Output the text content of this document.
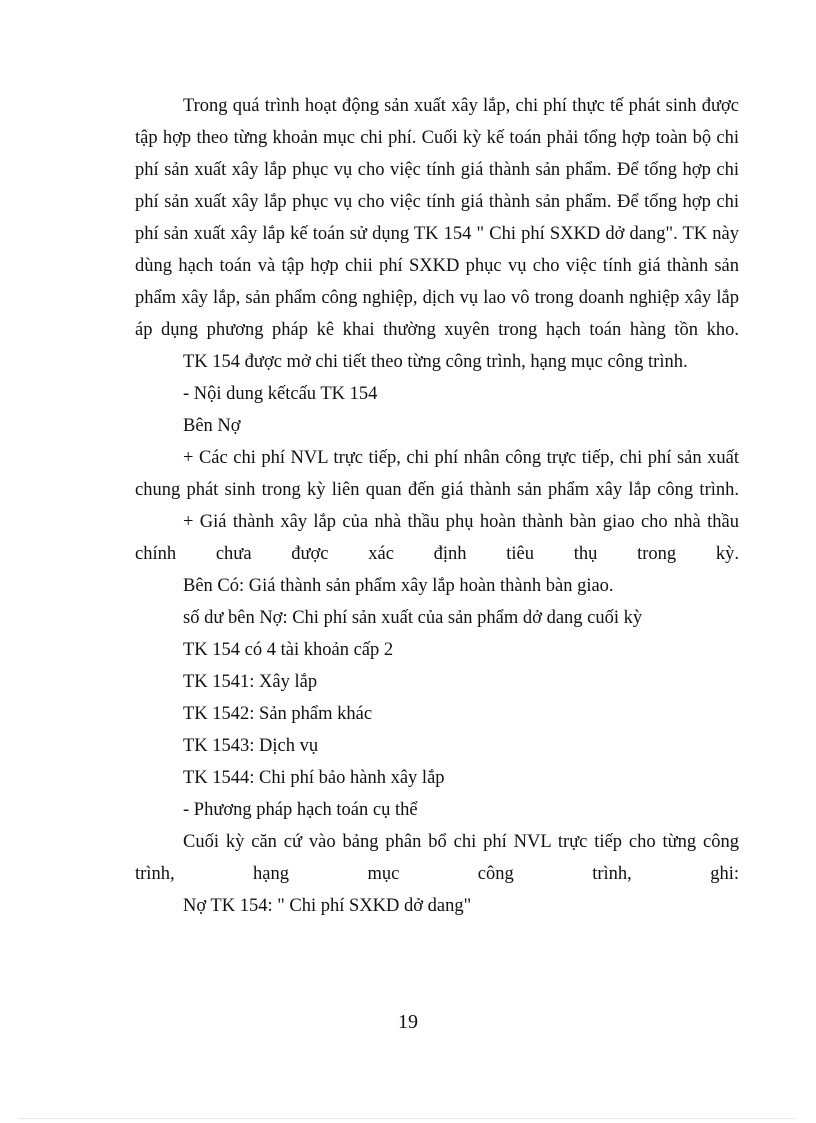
Trong quá trình hoạt động sản xuất xây lắp, chi phí thực tế phát sinh được tập hợp theo từng khoản mục chi phí. Cuối kỳ kế toán phải tổng hợp toàn bộ chi phí sản xuất xây lắp phục vụ cho việc tính giá thành sản phẩm. Để tổng hợp chi phí sản xuất xây lắp phục vụ cho việc tính giá thành sản phẩm. Để tổng hợp chi phí sản xuất xây lắp kế toán sử dụng TK 154 " Chi phí SXKD dở dang". TK này dùng hạch toán và tập hợp chii phí SXKD phục vụ cho việc tính giá thành sản phẩm xây lắp, sản phẩm công nghiệp, dịch vụ lao vô trong doanh nghiệp xây lắp áp dụng phương pháp kê khai thường xuyên trong hạch toán hàng tồn kho.

TK 154 được mở chi tiết theo từng công trình, hạng mục công trình.

- Nội dung kếtcấu TK 154

Bên Nợ

+ Các chi phí NVL trực tiếp, chi phí nhân công trực tiếp, chi phí sản xuất chung phát sinh trong kỳ liên quan đến giá thành sản phẩm xây lắp công trình.

+ Giá thành xây lắp của nhà thầu phụ hoàn thành bàn giao cho nhà thầu chính chưa được xác định tiêu thụ trong kỳ.

Bên Có: Giá thành sản phẩm xây lắp hoàn thành bàn giao.

số dư bên Nợ: Chi phí sản xuất của sản phẩm dở dang cuối kỳ

TK 154 có 4 tài khoản cấp 2

TK 1541: Xây lắp

TK 1542: Sản phẩm khác

TK 1543: Dịch vụ

TK 1544: Chi phí bảo hành xây lắp

- Phương pháp hạch toán cụ thể

Cuối kỳ căn cứ vào bảng phân bổ chi phí NVL trực tiếp cho từng công trình, hạng mục công trình, ghi:

Nợ TK 154: " Chi phí SXKD dở dang"

19
